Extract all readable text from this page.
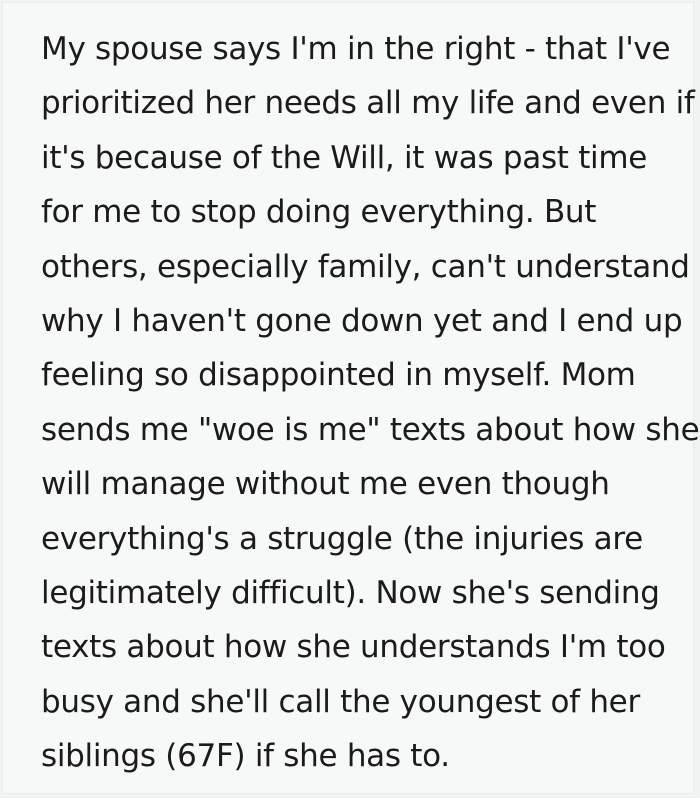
My spouse says I'm in the right - that I've
prioritized her needs all my life and even if
it's because of the Will, it was past time
for me to stop doing everything. But
others, especially family, can't understand
why I haven't gone down yet and I end up
feeling so disappointed in myself. Mom
sends me "woe is me" texts about how she
will manage without me even though
everything's a struggle (the injuries are
legitimately difficult). Now she's sending
texts about how she understands I'm too
busy and she'll call the youngest of her
siblings (67F) if she has to.
